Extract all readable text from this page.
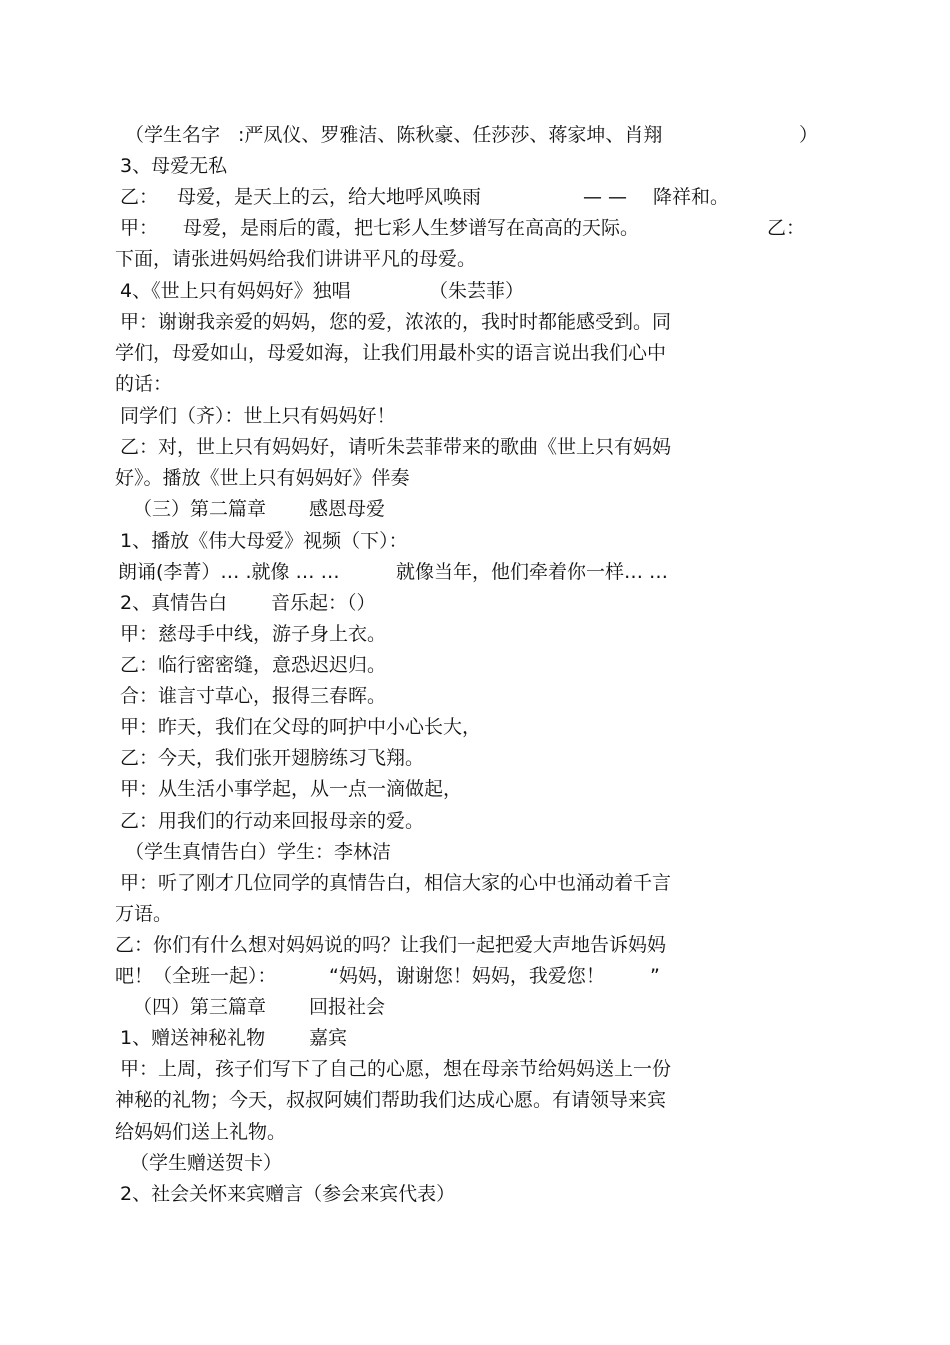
（学生名字 :严凤仪、罗雅洁、陈秋豪、任莎莎、蒋家坤、肖翔	）
3、母爱无私
乙： 母爱，是天上的云，给大地呼风唤雨	— — 降祥和。
甲： 母爱，是雨后的霞，把七彩人生梦谱写在高高的天际。	乙：
下面，请张进妈妈给我们讲讲平凡的母爱。
4、《世上只有妈妈好》独唱	（朱芸菲）
甲：谢谢我亲爱的妈妈，您的爱，浓浓的，我时时都能感受到。同
学们，母爱如山，母爱如海，让我们用最朴实的语言说出我们心中
的话：
同学们（齐）：世上只有妈妈好！
乙：对，世上只有妈妈好，请听朱芸菲带来的歌曲《世上只有妈妈
好》。播放《世上只有妈妈好》伴奏
（三）第二篇章 感恩母爱
1、播放《伟大母爱》视频（下）：
朗诵(李菁）… .就像 … …	就像当年，他们牵着你一样… …
2、真情告白 音乐起：（）
甲：慈母手中线，游子身上衣。
乙：临行密密缝，意恐迟迟归。
合：谁言寸草心，报得三春晖。
甲：昨天，我们在父母的呵护中小心长大，
乙：今天，我们张开翅膀练习飞翔。
甲：从生活小事学起，从一点一滴做起，
乙：用我们的行动来回报母亲的爱。
（学生真情告白）学生：李林洁
甲：听了刚才几位同学的真情告白，相信大家的心中也涌动着千言
万语。
乙：你们有什么想对妈妈说的吗？让我们一起把爱大声地告诉妈妈
吧！（全班一起）：	“妈妈，谢谢您！妈妈，我爱您！ ”
（四）第三篇章 回报社会
1、赠送神秘礼物 嘉宾
甲：上周，孩子们写下了自己的心愿，想在母亲节给妈妈送上一份
神秘的礼物；今天，叔叔阿姨们帮助我们达成心愿。有请领导来宾
给妈妈们送上礼物。
（学生赠送贺卡）
2、社会关怀来宾赠言（参会来宾代表）
